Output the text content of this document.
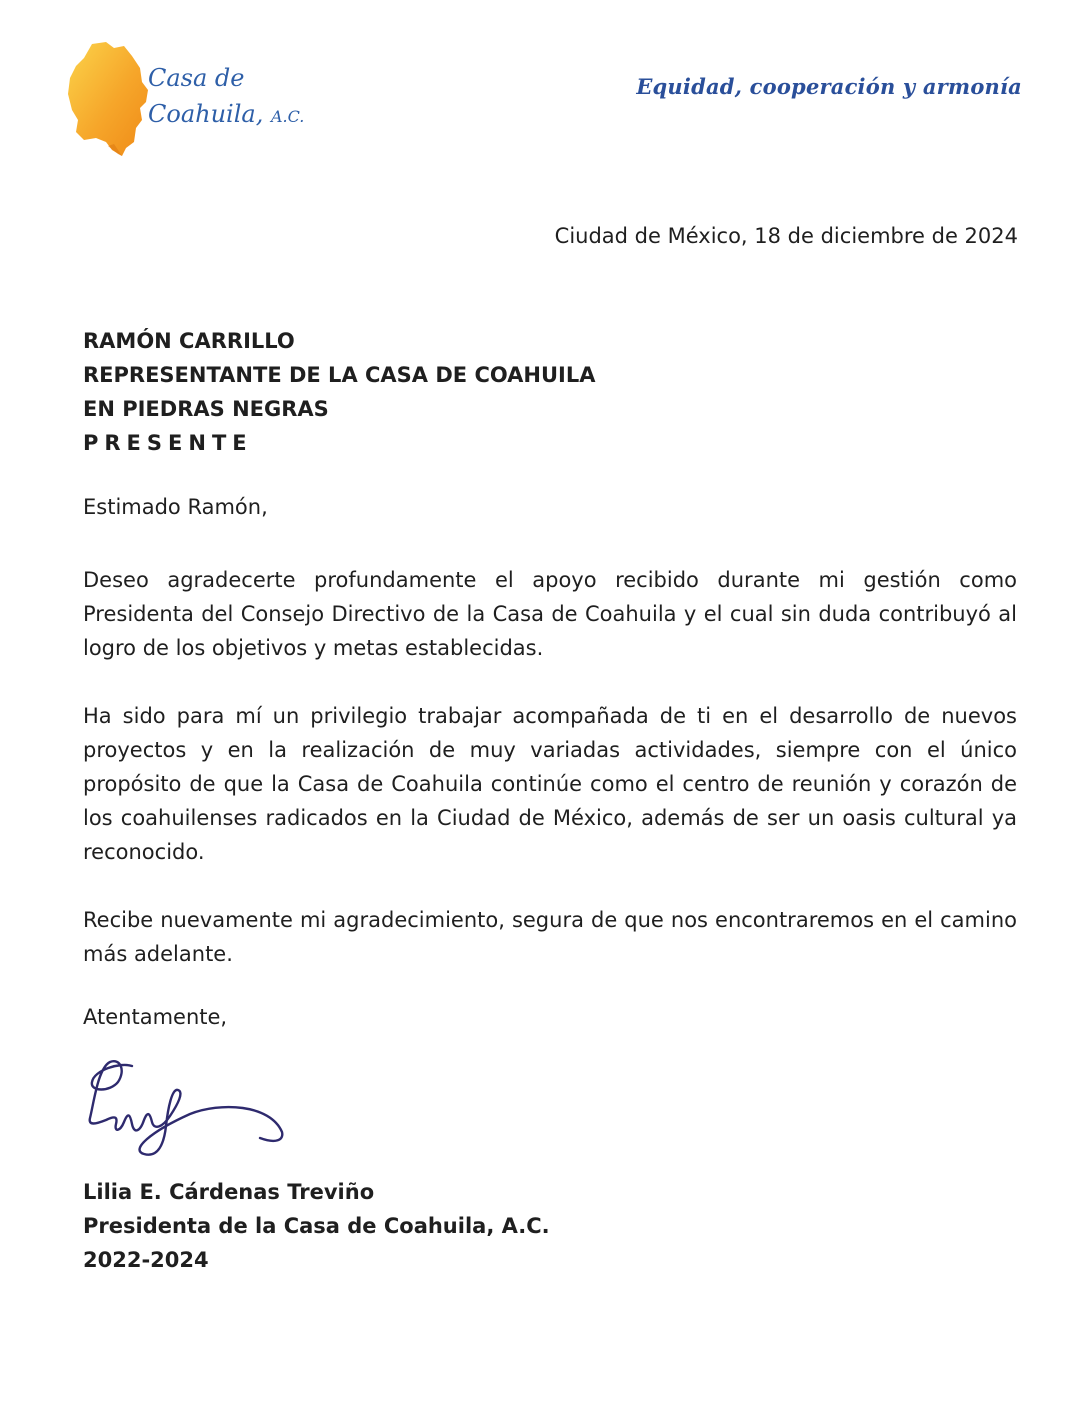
Casa de
Coahuila, A.C.
Equidad, cooperación y armonía
Ciudad de México, 18 de diciembre de 2024
RAMÓN CARRILLO
REPRESENTANTE DE LA CASA DE COAHUILA
EN PIEDRAS NEGRAS
PRESENTE
Estimado Ramón,

Deseo agradecerte profundamente el apoyo recibido durante mi gestión como Presidenta del Consejo Directivo de la Casa de Coahuila y el cual sin duda contribuyó al logro de los objetivos y metas establecidas.

Ha sido para mí un privilegio trabajar acompañada de ti en el desarrollo de nuevos proyectos y en la realización de muy variadas actividades, siempre con el único propósito de que la Casa de Coahuila continúe como el centro de reunión y corazón de los coahuilenses radicados en la Ciudad de México, además de ser un oasis cultural ya reconocido.

Recibe nuevamente mi agradecimiento, segura de que nos encontraremos en el camino más adelante.

Atentamente,
Lilia E. Cárdenas Treviño
Presidenta de la Casa de Coahuila, A.C.
2022-2024
